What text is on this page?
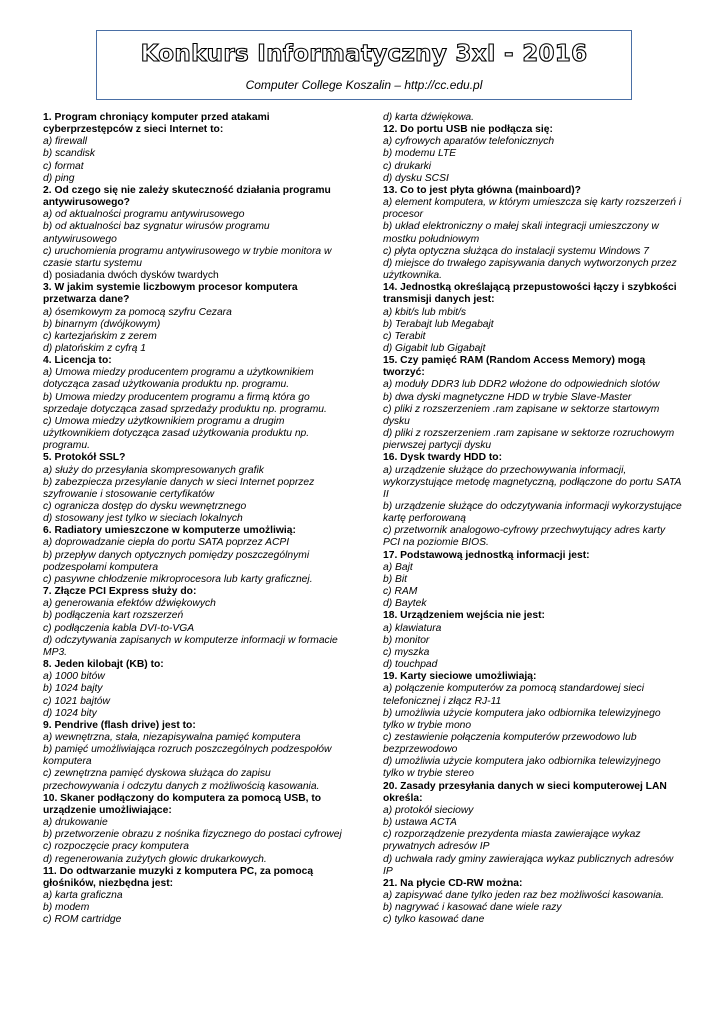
Konkurs Informatyczny 3xI - 2016
Computer College Koszalin – http://cc.edu.pl
1. Program chroniący komputer przed atakami cyberprzestępców z sieci Internet to:
a) firewall
b) scandisk
c) format
d) ping
2. Od czego się nie zależy skuteczność działania programu antywirusowego?
a) od aktualności programu antywirusowego
b) od aktualności baz sygnatur wirusów programu antywirusowego
c) uruchomienia programu antywirusowego w trybie monitora w czasie startu systemu
d) posiadania dwóch dysków twardych
3. W jakim systemie liczbowym procesor komputera przetwarza dane?
a) ósemkowym za pomocą szyfru Cezara
b) binarnym (dwójkowym)
c) kartezjańskim z zerem
d) platońskim z cyfrą 1
4. Licencja to:
a) Umowa miedzy producentem programu a użytkownikiem dotycząca zasad użytkowania produktu np. programu.
b) Umowa miedzy producentem programu a firmą która go sprzedaje dotycząca zasad sprzedaży produktu np. programu.
c) Umowa miedzy użytkownikiem programu a drugim użytkownikiem dotycząca zasad użytkowania produktu np. programu.
5. Protokół SSL?
a) służy do przesyłania skompresowanych grafik
b) zabezpiecza przesyłanie danych w sieci Internet poprzez szyfrowanie i stosowanie certyfikatów
c) ogranicza dostęp do dysku wewnętrznego
d) stosowany jest tylko w sieciach lokalnych
6. Radiatory umieszczone w komputerze umożliwią:
a) doprowadzanie ciepła do portu SATA poprzez ACPI
b) przepływ danych optycznych pomiędzy poszczególnymi podzespołami komputera
c) pasywne chłodzenie mikroprocesora lub karty graficznej.
7. Złącze PCI Express służy do:
a) generowania efektów dźwiękowych
b) podłączenia kart rozszerzeń
c) podłączenia kabla DVI-to-VGA
d) odczytywania zapisanych w komputerze informacji w formacie MP3.
8. Jeden kilobajt (KB) to:
a) 1000 bitów
b) 1024 bajty
c) 1021 bajtów
d) 1024 bity
9. Pendrive (flash drive) jest to:
a) wewnętrzna, stała, niezapisywalna pamięć komputera
b) pamięć umożliwiająca rozruch poszczególnych podzespołów komputera
c) zewnętrzna pamięć dyskowa służąca do zapisu przechowywania i odczytu danych z możliwością kasowania.
10. Skaner podłączony do komputera za pomocą USB, to urządzenie umożliwiające:
a) drukowanie
b) przetworzenie obrazu z nośnika fizycznego do postaci cyfrowej
c) rozpoczęcie pracy komputera
d) regenerowania zużytych głowic drukarkowych.
11. Do odtwarzanie muzyki z komputera PC, za pomocą głośników, niezbędna jest:
a) karta graficzna
b) modem
c) ROM cartridge
d) karta dźwiękowa.
12. Do portu USB nie podłącza się:
a) cyfrowych aparatów telefonicznych
b) modemu LTE
c) drukarki
d) dysku SCSI
13. Co to jest płyta główna (mainboard)?
a) element komputera, w którym umieszcza się karty rozszerzeń i procesor
b) układ elektroniczny o małej skali integracji umieszczony w mostku południowym
c) płyta optyczna służąca do instalacji systemu Windows 7
d) miejsce do trwałego zapisywania danych wytworzonych przez użytkownika.
14. Jednostką określającą przepustowości łączy i szybkości transmisji danych jest:
a) kbit/s lub mbit/s
b) Terabajt lub Megabajt
c) Terabit
d) Gigabit lub Gigabajt
15. Czy pamięć RAM (Random Access Memory) mogą tworzyć:
a) moduły DDR3 lub DDR2 włożone do odpowiednich slotów
b) dwa dyski magnetyczne HDD w trybie Slave-Master
c) pliki z rozszerzeniem .ram zapisane w sektorze startowym dysku
d) pliki z rozszerzeniem .ram zapisane w sektorze rozruchowym pierwszej partycji dysku
16. Dysk twardy HDD to:
a) urządzenie służące do przechowywania informacji, wykorzystujące metodę magnetyczną, podłączone do portu SATA II
b) urządzenie służące do odczytywania informacji wykorzystujące kartę perforowaną
c) przetwornik analogowo-cyfrowy przechwytujący adres karty PCI na poziomie BIOS.
17. Podstawową jednostką informacji jest:
a) Bajt
b) Bit
c) RAM
d) Baytek
18. Urządzeniem wejścia nie jest:
a) klawiatura
b) monitor
c) myszka
d) touchpad
19. Karty sieciowe umożliwiają:
a) połączenie komputerów za pomocą standardowej sieci telefonicznej i złącz RJ-11
b) umożliwia użycie komputera jako odbiornika telewizyjnego tylko w trybie mono
c) zestawienie połączenia komputerów przewodowo lub bezprzewodowo
d) umożliwia użycie komputera jako odbiornika telewizyjnego tylko w trybie stereo
20. Zasady przesyłania danych w sieci komputerowej LAN określa:
a) protokół sieciowy
b) ustawa ACTA
c) rozporządzenie prezydenta miasta zawierające wykaz prywatnych adresów IP
d) uchwała rady gminy zawierająca wykaz publicznych adresów IP
21. Na płycie CD-RW można:
a) zapisywać dane tylko jeden raz bez możliwości kasowania.
b) nagrywać i kasować dane wiele razy
c) tylko kasować dane
